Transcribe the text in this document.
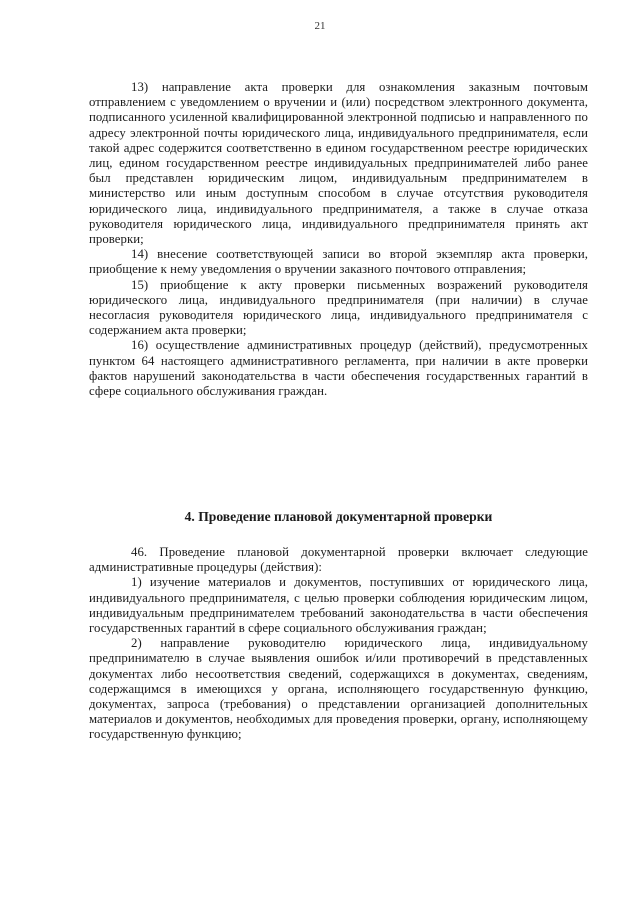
21

13) направление акта проверки для ознакомления заказным почтовым отправлением с уведомлением о вручении и (или) посредством электронного документа, подписанного усиленной квалифицированной электронной подписью и направленного по адресу электронной почты юридического лица, индивидуального предпринимателя, если такой адрес содержится соответственно в едином государственном реестре юридических лиц, едином государственном реестре индивидуальных предпринимателей либо ранее был представлен юридическим лицом, индивидуальным предпринимателем в министерство или иным доступным способом в случае отсутствия руководителя юридического лица, индивидуального предпринимателя, а также в случае отказа руководителя юридического лица, индивидуального предпринимателя принять акт проверки;

14) внесение соответствующей записи во второй экземпляр акта проверки, приобщение к нему уведомления о вручении заказного почтового отправления;

15) приобщение к акту проверки письменных возражений руководителя юридического лица, индивидуального предпринимателя (при наличии) в случае несогласия руководителя юридического лица, индивидуального предпринимателя с содержанием акта проверки;

16) осуществление административных процедур (действий), предусмотренных пунктом 64 настоящего административного регламента, при наличии в акте проверки фактов нарушений законодательства в части обеспечения государственных гарантий в сфере социального обслуживания граждан.

4. Проведение плановой документарной проверки

46. Проведение плановой документарной проверки включает следующие административные процедуры (действия):

1) изучение материалов и документов, поступивших от юридического лица, индивидуального предпринимателя, с целью проверки соблюдения юридическим лицом, индивидуальным предпринимателем требований законодательства в части обеспечения государственных гарантий в сфере социального обслуживания граждан;

2) направление руководителю юридического лица, индивидуальному предпринимателю в случае выявления ошибок и/или противоречий в представленных документах либо несоответствия сведений, содержащихся в документах, сведениям, содержащимся в имеющихся у органа, исполняющего государственную функцию, документах, запроса (требования) о представлении организацией дополнительных материалов и документов, необходимых для проведения проверки, органу, исполняющему государственную функцию;
